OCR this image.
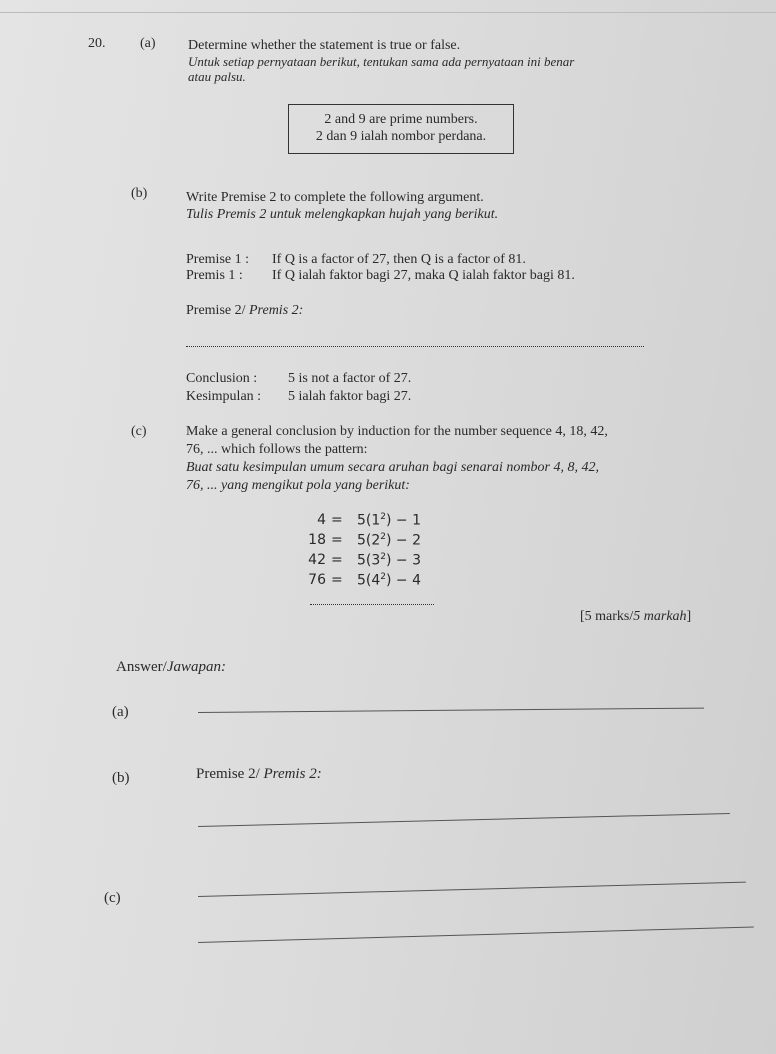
20. (a) Determine whether the statement is true or false.
Untuk setiap pernyataan berikut, tentukan sama ada pernyataan ini benar
atau palsu.
2 and 9 are prime numbers.
2 dan 9 ialah nombor perdana.
(b)	Write Premise 2 to complete the following argument.
Tulis Premis 2 untuk melengkapkan hujah yang berikut.
Premise 1 : If Q is a factor of 27, then Q is a factor of 81.
Premis 1 : If Q ialah faktor bagi 27, maka Q ialah faktor bagi 81.
Premise 2/ Premis 2:
Conclusion : 5 is not a factor of 27.
Kesimpulan : 5 ialah faktor bagi 27.
(c)	Make a general conclusion by induction for the number sequence 4, 18, 42,
76, ... which follows the pattern:
Buat satu kesimpulan umum secara aruhan bagi senarai nombor 4, 8, 42,
76, ... yang mengikut pola yang berikut:
$4 = 5(1^2) - 1$
$18 = 5(2^2) - 2$
$42 = 5(3^2) - 3$
$76 = 5(4^2) - 4$
[5 marks/5 markah]
Answer/Jawapan:
(a)
(b)	Premise 2/ Premis 2:
(c)
